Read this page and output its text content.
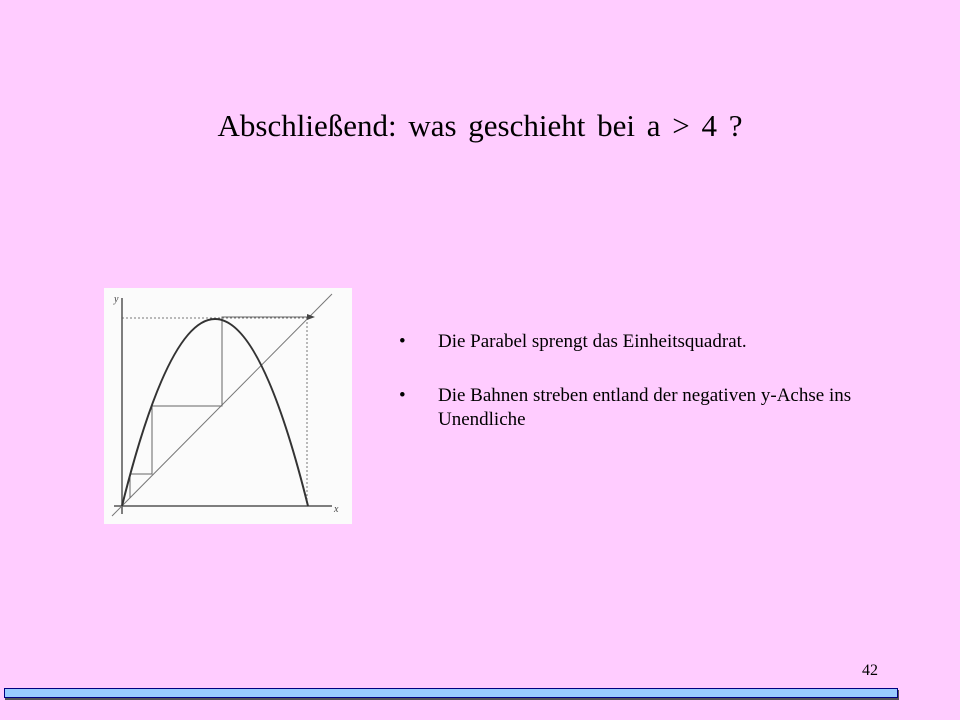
Abschließend: was geschieht bei a > 4 ?
y
x
• Die Parabel sprengt das Einheitsquadrat.
• Die Bahnen streben entland der negativen y-Achse ins Unendliche
42
